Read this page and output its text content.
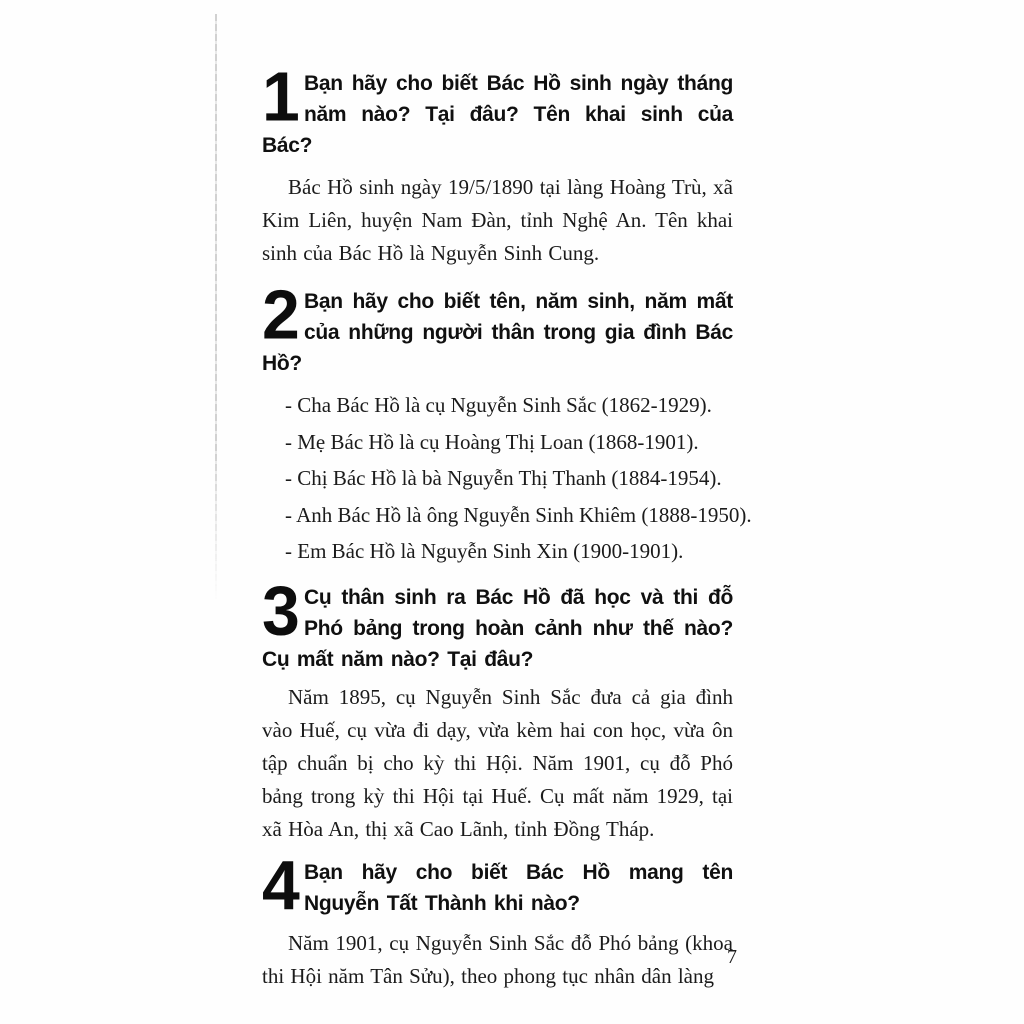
1 Bạn hãy cho biết Bác Hồ sinh ngày tháng năm nào? Tại đâu? Tên khai sinh của Bác?

Bác Hồ sinh ngày 19/5/1890 tại làng Hoàng Trù, xã Kim Liên, huyện Nam Đàn, tỉnh Nghệ An. Tên khai sinh của Bác Hồ là Nguyễn Sinh Cung.

2 Bạn hãy cho biết tên, năm sinh, năm mất của những người thân trong gia đình Bác Hồ?
- Cha Bác Hồ là cụ Nguyễn Sinh Sắc (1862-1929).
- Mẹ Bác Hồ là cụ Hoàng Thị Loan (1868-1901).
- Chị Bác Hồ là bà Nguyễn Thị Thanh (1884-1954).
- Anh Bác Hồ là ông Nguyễn Sinh Khiêm (1888-1950).
- Em Bác Hồ là Nguyễn Sinh Xin (1900-1901).
3 Cụ thân sinh ra Bác Hồ đã học và thi đỗ Phó bảng trong hoàn cảnh như thế nào? Cụ mất năm nào? Tại đâu?

Năm 1895, cụ Nguyễn Sinh Sắc đưa cả gia đình vào Huế, cụ vừa đi dạy, vừa kèm hai con học, vừa ôn tập chuẩn bị cho kỳ thi Hội. Năm 1901, cụ đỗ Phó bảng trong kỳ thi Hội tại Huế. Cụ mất năm 1929, tại xã Hòa An, thị xã Cao Lãnh, tỉnh Đồng Tháp.

4 Bạn hãy cho biết Bác Hồ mang tên Nguyễn Tất Thành khi nào?

Năm 1901, cụ Nguyễn Sinh Sắc đỗ Phó bảng (khoa thi Hội năm Tân Sửu), theo phong tục nhân dân làng

7
